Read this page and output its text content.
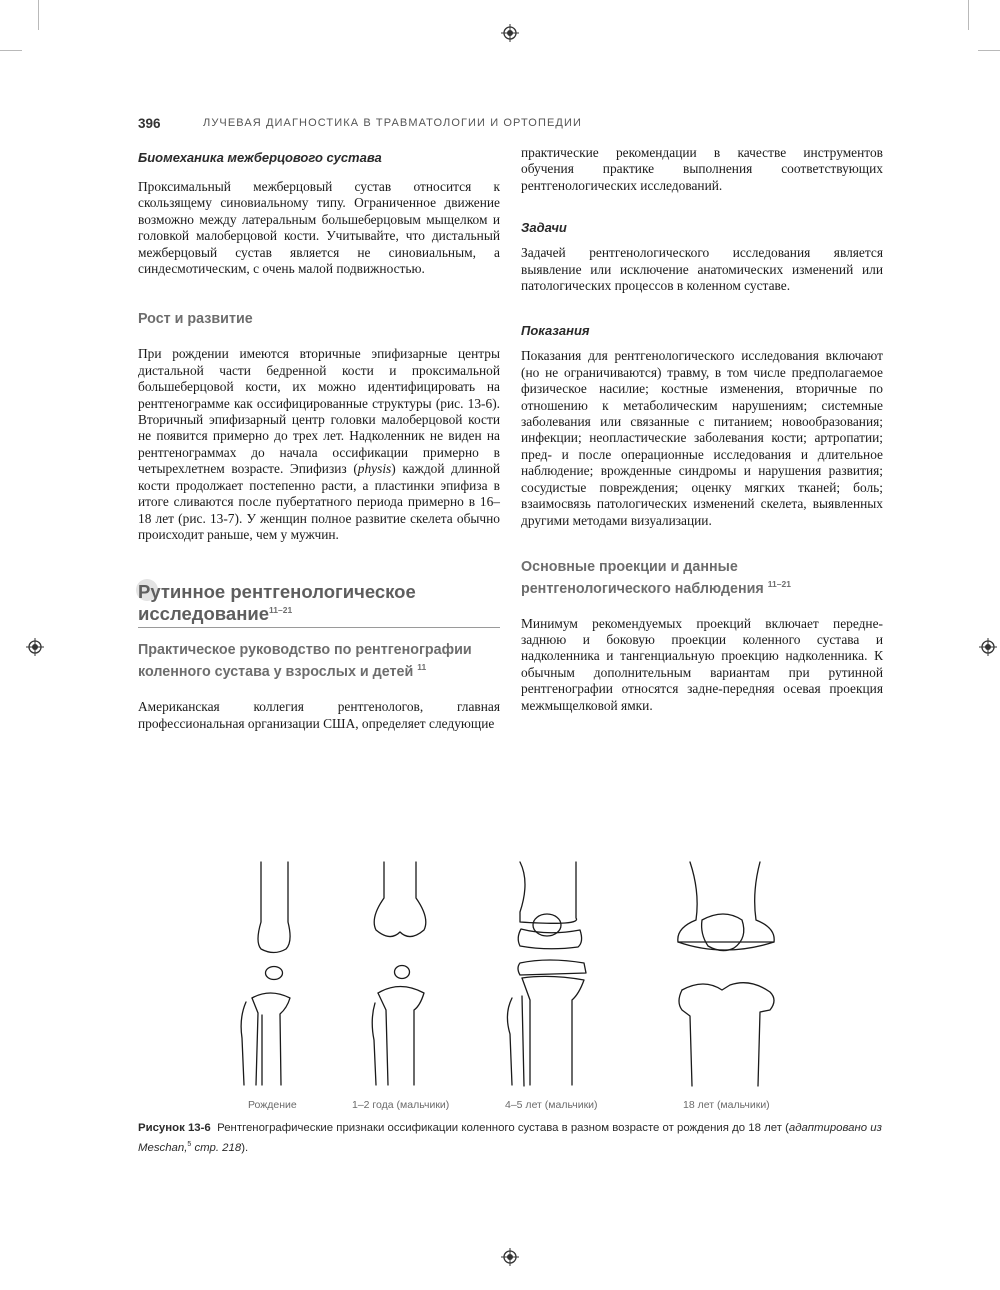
396	ЛУЧЕВАЯ ДИАГНОСТИКА В ТРАВМАТОЛОГИИ И ОРТОПЕДИИ
Биомеханика межберцового сустава

Проксимальный межберцовый сустав относится к скользящему синовиальному типу. Ограниченное движение возможно между латеральным большеберцовым мыщелком и головкой малоберцовой кости. Учитывайте, что дистальный межберцовый сустав является не синовиальным, а синдесмотическим, с очень малой подвижностью.

Рост и развитие

При рождении имеются вторичные эпифизарные центры дистальной части бедренной кости и проксимальной большеберцовой кости, их можно идентифицировать на рентгенограмме как оссифицированные структуры (рис. 13-6). Вторичный эпифизарный центр головки малоберцовой кости не появится примерно до трех лет. Надколенник не виден на рентгенограммах до начала оссификации примерно в четырехлетнем возрасте. Эпифизиз (physis) каждой длинной кости продолжает постепенно расти, а пластинки эпифиза в итоге сливаются после пубертатного периода примерно в 16–18 лет (рис. 13-7). У женщин полное развитие скелета обычно происходит раньше, чем у мужчин.

Рутинное рентгенологическое
исследование$^{11-21}$
Практическое руководство по рентгенографии коленного сустава у взрослых и детей $^{11}$

Американская коллегия рентгенологов, главная профессиональная организации США, определяет следующие

практические рекомендации в качестве инструментов обучения практике выполнения соответствующих рентгенологических исследований.

Задачи

Задачей рентгенологического исследования является выявление или исключение анатомических изменений или патологических процессов в коленном суставе.

Показания

Показания для рентгенологического исследования включают (но не ограничиваются) травму, в том числе предполагаемое физическое насилие; костные изменения, вторичные по отношению к метаболическим нарушениям; системные заболевания или связанные с питанием; новообразования; инфекции; неопластические заболевания кости; артропатии; пред- и после операционные исследования и длительное наблюдение; врожденные синдромы и нарушения развития; сосудистые повреждения; оценку мягких тканей; боль; взаимосвязь патологических изменений скелета, выявленных другими методами визуализации.

Основные проекции и данные рентгенологического наблюдения $^{11-21}$

Минимум рекомендуемых проекций включает передне-заднюю и боковую проекции коленного сустава и надколенника и тангенциальную проекцию надколенника. К обычным дополнительным вариантам при рутинной рентгенографии относятся задне-передняя осевая проекция межмыщелковой ямки.

Рождение	1–2 года (мальчики)	4–5 лет (мальчики)	18 лет (мальчики)
Рисунок 13-6 Рентгенографические признаки оссификации коленного сустава в разном возрасте от рождения до 18 лет (адаптировано из Meschan,$^5$ стр. 218).
